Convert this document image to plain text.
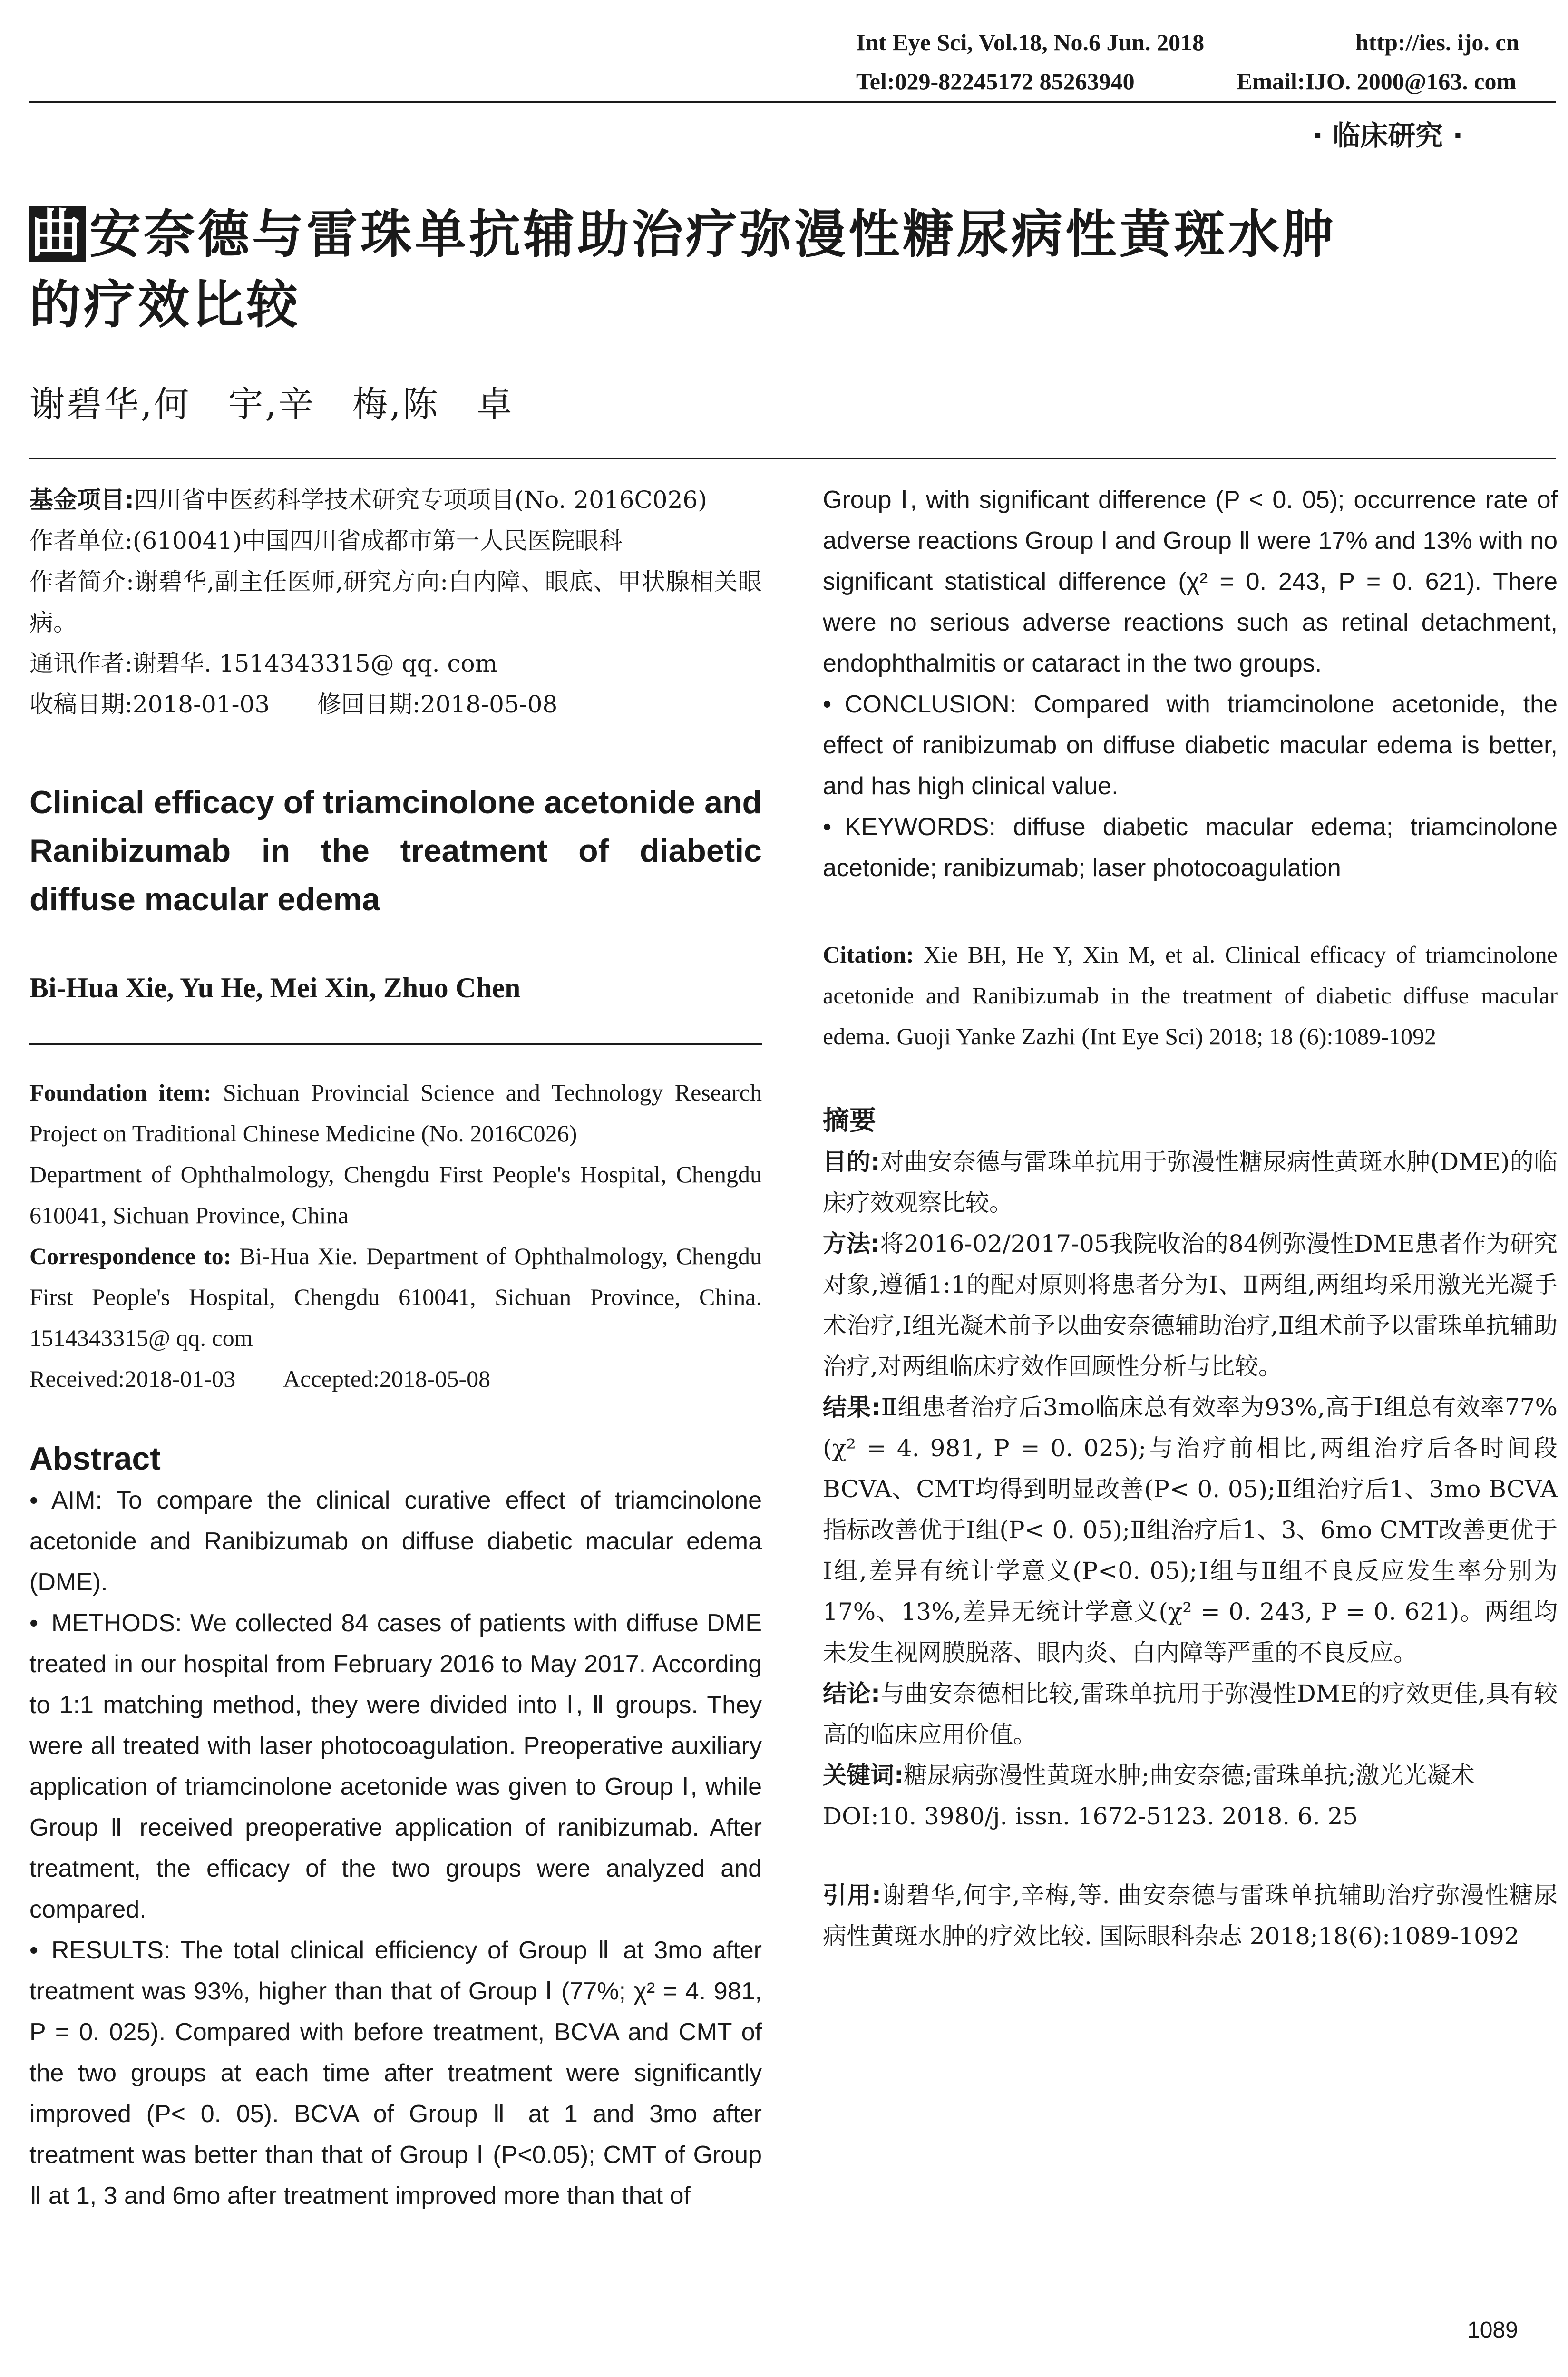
Int Eye Sci, Vol.18, No.6 Jun. 2018	http://ies. ijo. cn
Tel:029-82245172 85263940	Email:IJO. 2000@163. com
· 临床研究 ·
曲安奈德与雷珠单抗辅助治疗弥漫性糖尿病性黄斑水肿
的疗效比较
谢碧华,何　宇,辛　梅,陈　卓
基金项目:四川省中医药科学技术研究专项项目(No. 2016C026)
作者单位:(610041)中国四川省成都市第一人民医院眼科
作者简介:谢碧华,副主任医师,研究方向:白内障、眼底、甲状腺相关眼病。
通讯作者:谢碧华. 1514343315@ qq. com
收稿日期:2018-01-03　　修回日期:2018-05-08
Clinical efficacy of triamcinolone acetonide and Ranibizumab in the treatment of diabetic diffuse macular edema
Bi-Hua Xie, Yu He, Mei Xin, Zhuo Chen
Foundation item: Sichuan Provincial Science and Technology Research Project on Traditional Chinese Medicine (No. 2016C026)
Department of Ophthalmology, Chengdu First People's Hospital, Chengdu 610041, Sichuan Province, China
Correspondence to: Bi-Hua Xie. Department of Ophthalmology, Chengdu First People's Hospital, Chengdu 610041, Sichuan Province, China. 1514343315@ qq. com
Received:2018-01-03　　Accepted:2018-05-08
Abstract
• AIM: To compare the clinical curative effect of triamcinolone acetonide and Ranibizumab on diffuse diabetic macular edema (DME).
• METHODS: We collected 84 cases of patients with diffuse DME treated in our hospital from February 2016 to May 2017. According to 1:1 matching method, they were divided into Ⅰ, Ⅱ groups. They were all treated with laser photocoagulation. Preoperative auxiliary application of triamcinolone acetonide was given to Group Ⅰ, while Group Ⅱ received preoperative application of ranibizumab. After treatment, the efficacy of the two groups were analyzed and compared.
• RESULTS: The total clinical efficiency of Group Ⅱ at 3mo after treatment was 93%, higher than that of Group Ⅰ (77%; χ² = 4. 981, P = 0. 025). Compared with before treatment, BCVA and CMT of the two groups at each time after treatment were significantly improved (P< 0. 05). BCVA of Group Ⅱ at 1 and 3mo after treatment was better than that of Group Ⅰ (P<0.05); CMT of Group Ⅱ at 1, 3 and 6mo after treatment improved more than that of
Group Ⅰ, with significant difference (P < 0. 05); occurrence rate of adverse reactions Group Ⅰ and Group Ⅱ were 17% and 13% with no significant statistical difference (χ² = 0. 243, P = 0. 621). There were no serious adverse reactions such as retinal detachment, endophthalmitis or cataract in the two groups.
• CONCLUSION: Compared with triamcinolone acetonide, the effect of ranibizumab on diffuse diabetic macular edema is better, and has high clinical value.
• KEYWORDS: diffuse diabetic macular edema; triamcinolone acetonide; ranibizumab; laser photocoagulation
Citation: Xie BH, He Y, Xin M, et al. Clinical efficacy of triamcinolone acetonide and Ranibizumab in the treatment of diabetic diffuse macular edema. Guoji Yanke Zazhi (Int Eye Sci) 2018; 18 (6):1089-1092
摘要
目的:对曲安奈德与雷珠单抗用于弥漫性糖尿病性黄斑水肿(DME)的临床疗效观察比较。
方法:将2016-02/2017-05我院收治的84例弥漫性DME患者作为研究对象,遵循1:1的配对原则将患者分为Ⅰ、Ⅱ两组,两组均采用激光光凝手术治疗,Ⅰ组光凝术前予以曲安奈德辅助治疗,Ⅱ组术前予以雷珠单抗辅助治疗,对两组临床疗效作回顾性分析与比较。
结果:Ⅱ组患者治疗后3mo临床总有效率为93%,高于Ⅰ组总有效率77%(χ² = 4. 981, P = 0. 025);与治疗前相比,两组治疗后各时间段BCVA、CMT均得到明显改善(P< 0. 05);Ⅱ组治疗后1、3mo BCVA指标改善优于Ⅰ组(P< 0. 05);Ⅱ组治疗后1、3、6mo CMT改善更优于Ⅰ组,差异有统计学意义(P<0. 05);Ⅰ组与Ⅱ组不良反应发生率分别为17%、13%,差异无统计学意义(χ² = 0. 243, P = 0. 621)。两组均未发生视网膜脱落、眼内炎、白内障等严重的不良反应。
结论:与曲安奈德相比较,雷珠单抗用于弥漫性DME的疗效更佳,具有较高的临床应用价值。
关键词:糖尿病弥漫性黄斑水肿;曲安奈德;雷珠单抗;激光光凝术
DOI:10. 3980/j. issn. 1672-5123. 2018. 6. 25
引用:谢碧华,何宇,辛梅,等. 曲安奈德与雷珠单抗辅助治疗弥漫性糖尿病性黄斑水肿的疗效比较. 国际眼科杂志 2018;18(6):1089-1092
1089
